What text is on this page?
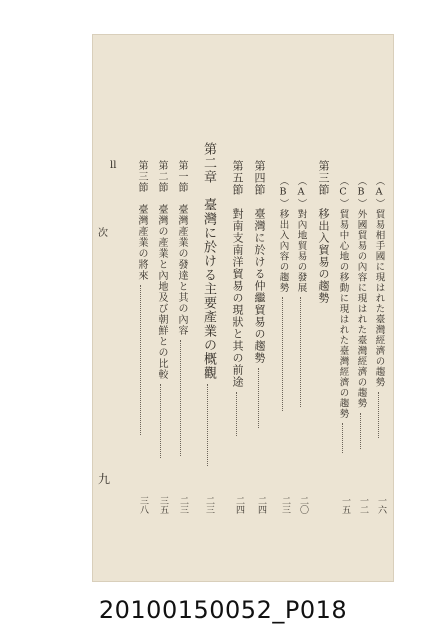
（A）貿易相手國に現はれた臺灣經濟の趨勢
一六
（B）外國貿易の內容に現はれた臺灣經濟の趨勢
一二
（C）貿易中心地の移動に現はれた臺灣經濟の趨勢
一五
第三節　移出入貿易の趨勢
（A）對內地貿易の發展
二〇
（B）移出入內容の趨勢
二三
第四節　臺灣に於ける仲繼貿易の趨勢
二四
第五節　對南支南洋貿易の現狀と其の前途
二四
第二章　臺灣に於ける主要產業の概觀
二三
第一節　臺灣產業の發達と其の內容
二三
第二節　臺灣の產業と內地及び朝鮮との比較
三五
第三節　臺灣產業の將來
三八
ll
次
九
20100150052_P018
